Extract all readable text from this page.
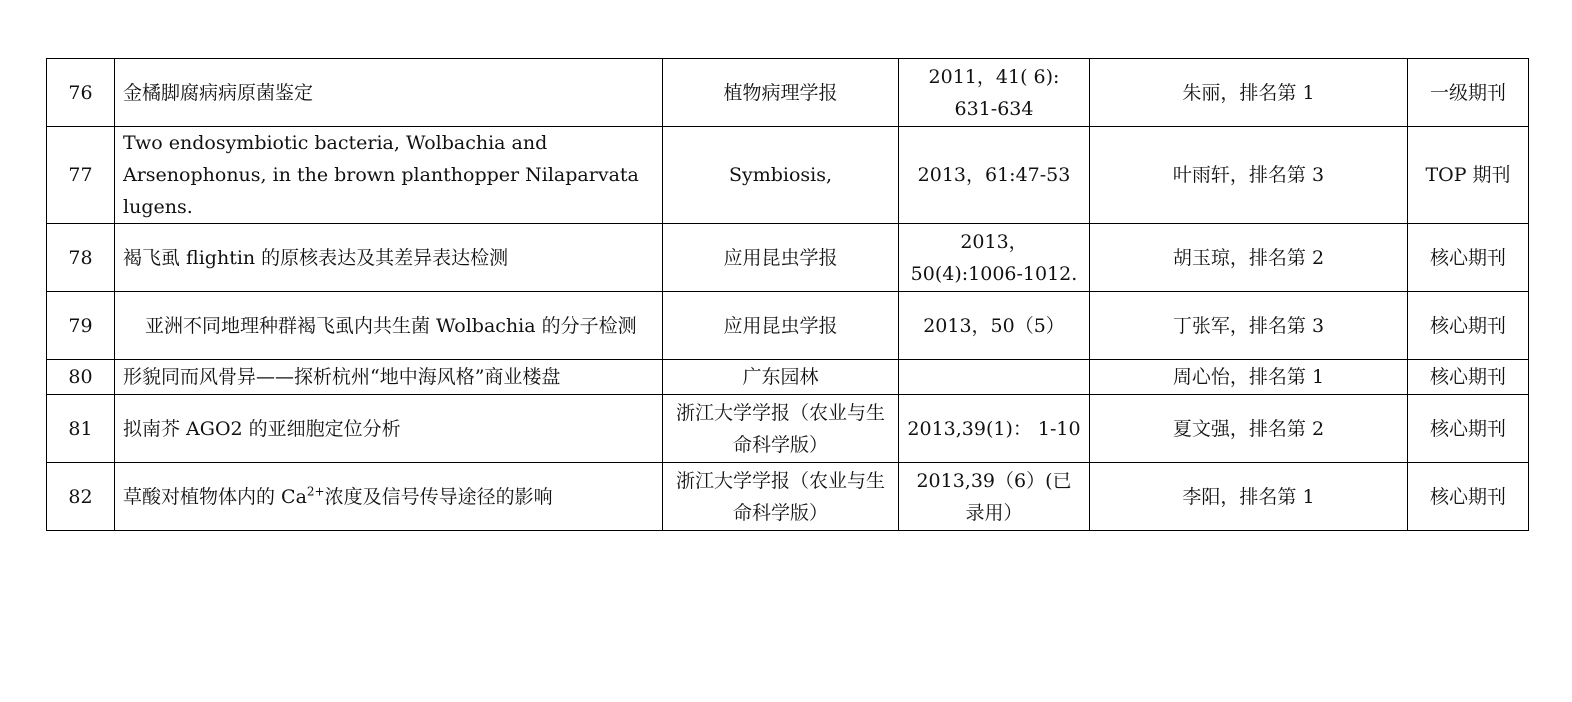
76	金橘脚腐病病原菌鉴定	植物病理学报	2011，41( 6): 631-634	朱丽，排名第 1	一级期刊
77	Two endosymbiotic bacteria, Wolbachia and Arsenophonus, in the brown planthopper Nilaparvata lugens.	Symbiosis,	2013，61:47-53	叶雨轩，排名第 3	TOP 期刊
78	褐飞虱 flightin 的原核表达及其差异表达检测	应用昆虫学报	2013， 50(4):1006-1012.	胡玉琼，排名第 2	核心期刊
79	亚洲不同地理种群褐飞虱内共生菌 Wolbachia 的分子检测	应用昆虫学报	2013，50（5）	丁张军，排名第 3	核心期刊
80	形貌同而风骨异——探析杭州“地中海风格”商业楼盘	广东园林		周心怡，排名第 1	核心期刊
81	拟南芥 AGO2 的亚细胞定位分析	浙江大学学报（农业与生命科学版）	2013,39(1)： 1-10	夏文强，排名第 2	核心期刊
82	草酸对植物体内的 $Ca^{2+}$浓度及信号传导途径的影响	浙江大学学报（农业与生命科学版）	2013,39（6）(已录用）	李阳，排名第 1	核心期刊
